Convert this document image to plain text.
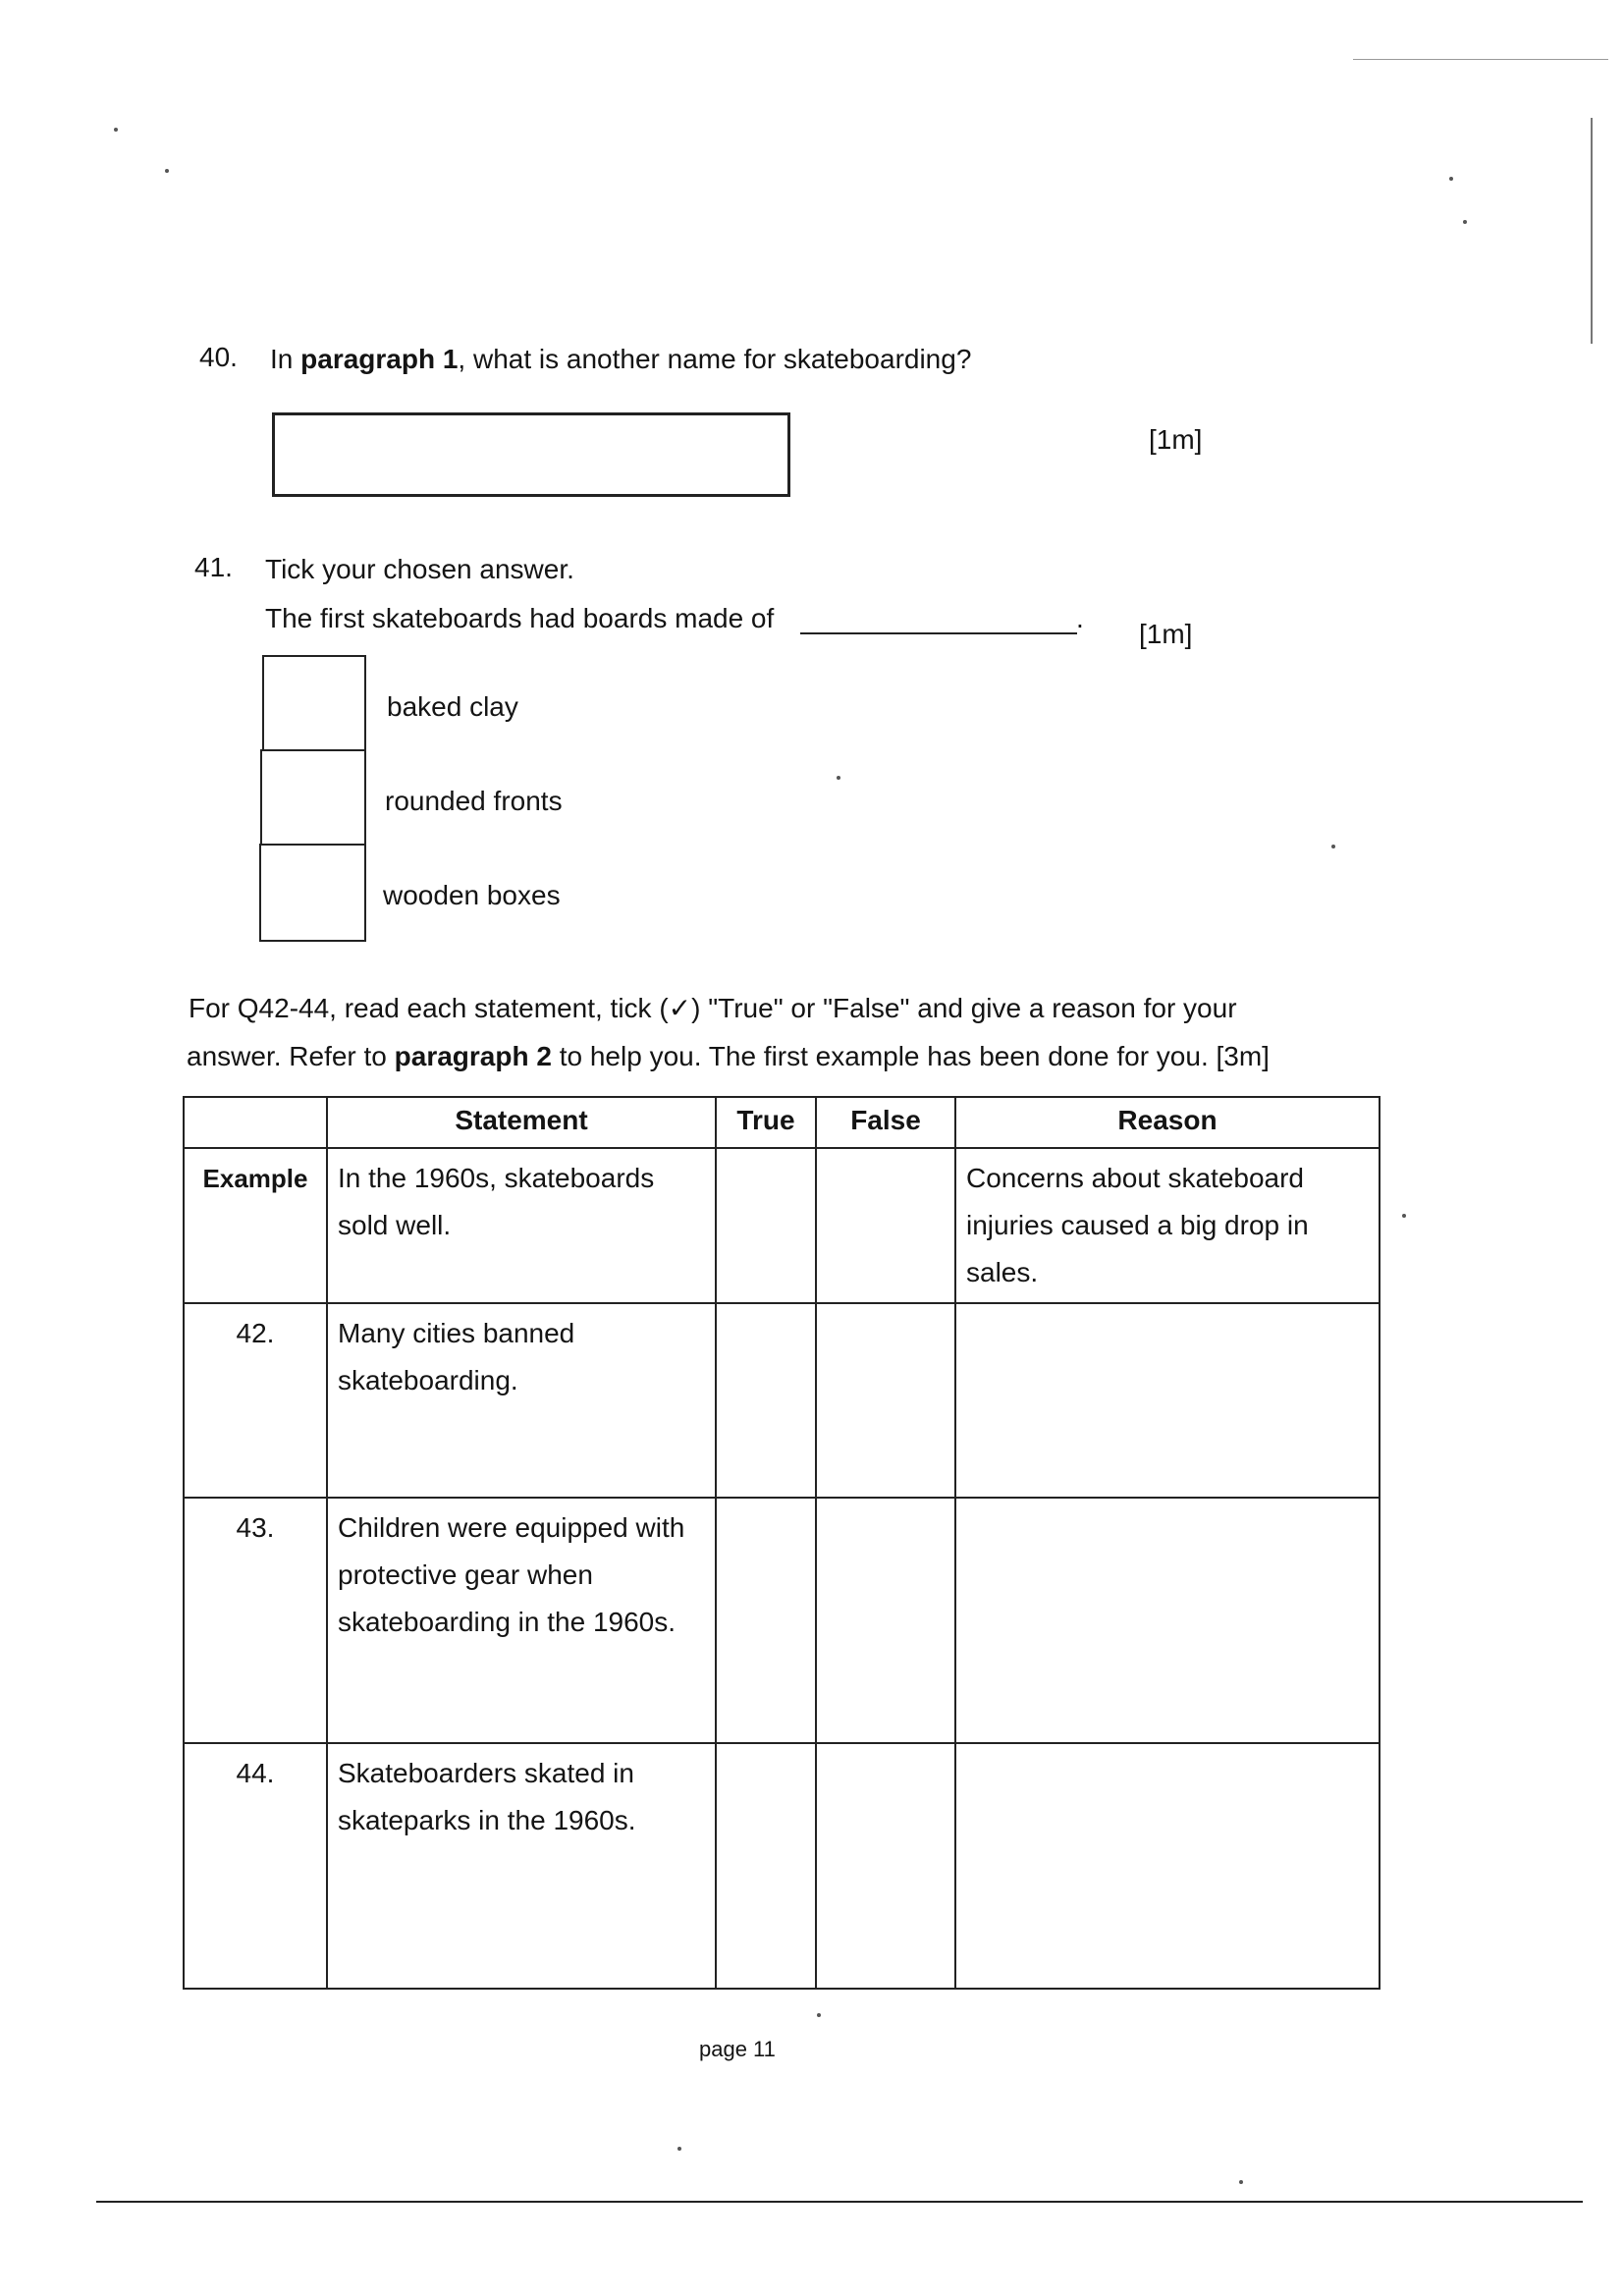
40. In paragraph 1, what is another name for skateboarding?
[1m]
41. Tick your chosen answer.
The first skateboards had boards made of	.
[1m]
baked clay
rounded fronts
wooden boxes
For Q42-44, read each statement, tick (✓) "True" or "False" and give a reason for your
answer. Refer to paragraph 2 to help you. The first example has been done for you. [3m]
	Statement	True	False	Reason
Example	In the 1960s, skateboards sold well.			Concerns about skateboard injuries caused a big drop in sales.
42.	Many cities banned skateboarding.			
43.	Children were equipped with protective gear when skateboarding in the 1960s.			
44.	Skateboarders skated in skateparks in the 1960s.			
page 11
